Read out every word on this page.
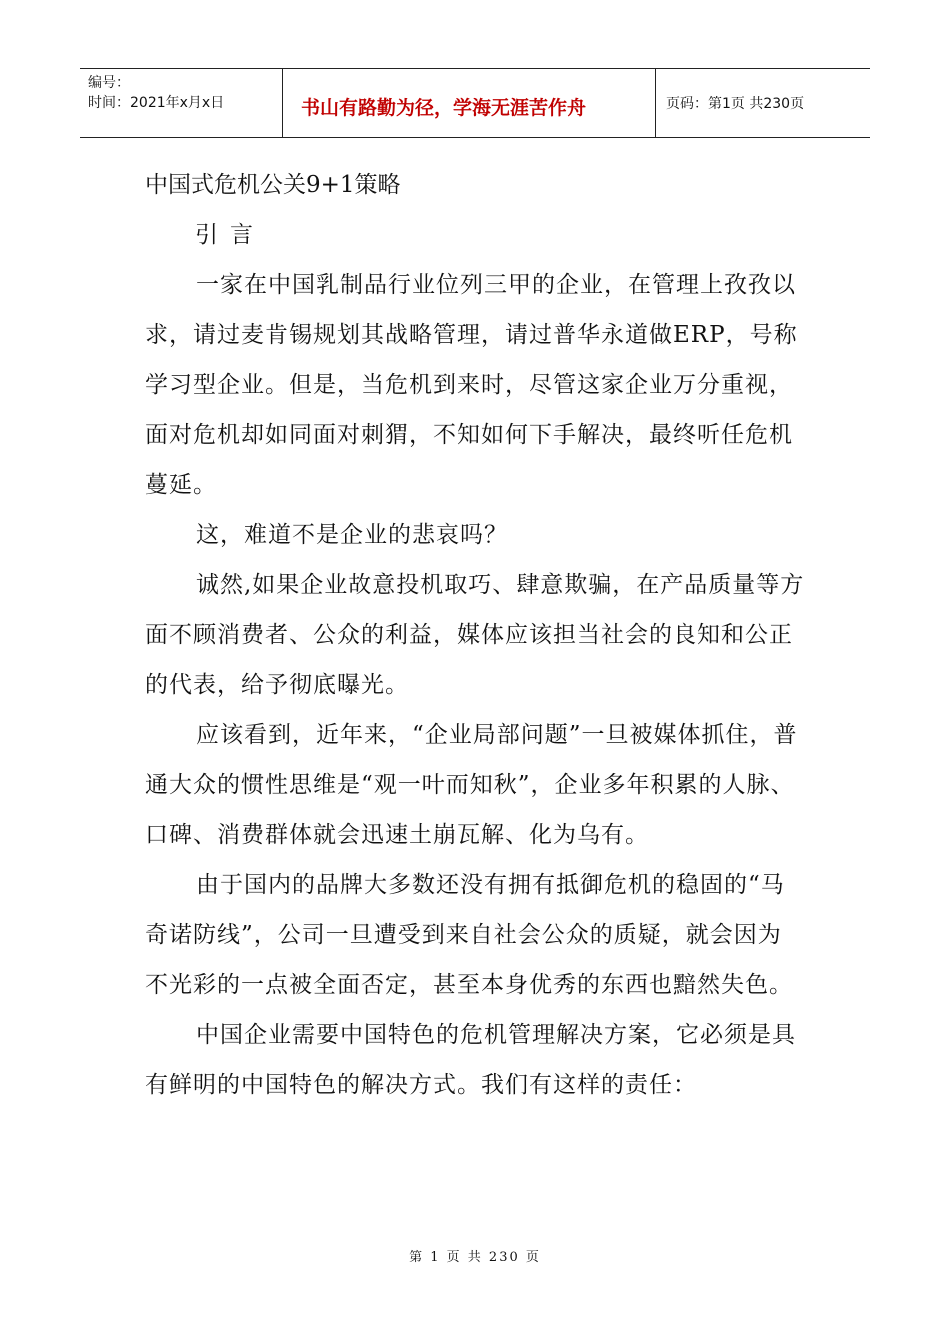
编号：
时间：2021年x月x日	书山有路勤为径，学海无涯苦作舟	页码：第1页 共230页

中国式危机公关9+1策略

引言

一家在中国乳制品行业位列三甲的企业，在管理上孜孜以求，请过麦肯锡规划其战略管理，请过普华永道做ERP，号称学习型企业。但是，当危机到来时，尽管这家企业万分重视，面对危机却如同面对刺猬，不知如何下手解决，最终听任危机蔓延。

这，难道不是企业的悲哀吗？

诚然,如果企业故意投机取巧、肆意欺骗，在产品质量等方面不顾消费者、公众的利益，媒体应该担当社会的良知和公正的代表，给予彻底曝光。

应该看到，近年来，“企业局部问题”一旦被媒体抓住，普通大众的惯性思维是“观一叶而知秋”，企业多年积累的人脉、口碑、消费群体就会迅速土崩瓦解、化为乌有。

由于国内的品牌大多数还没有拥有抵御危机的稳固的“马奇诺防线”，公司一旦遭受到来自社会公众的质疑，就会因为不光彩的一点被全面否定，甚至本身优秀的东西也黯然失色。

中国企业需要中国特色的危机管理解决方案，它必须是具有鲜明的中国特色的解决方式。我们有这样的责任：

第 1 页 共 230 页
